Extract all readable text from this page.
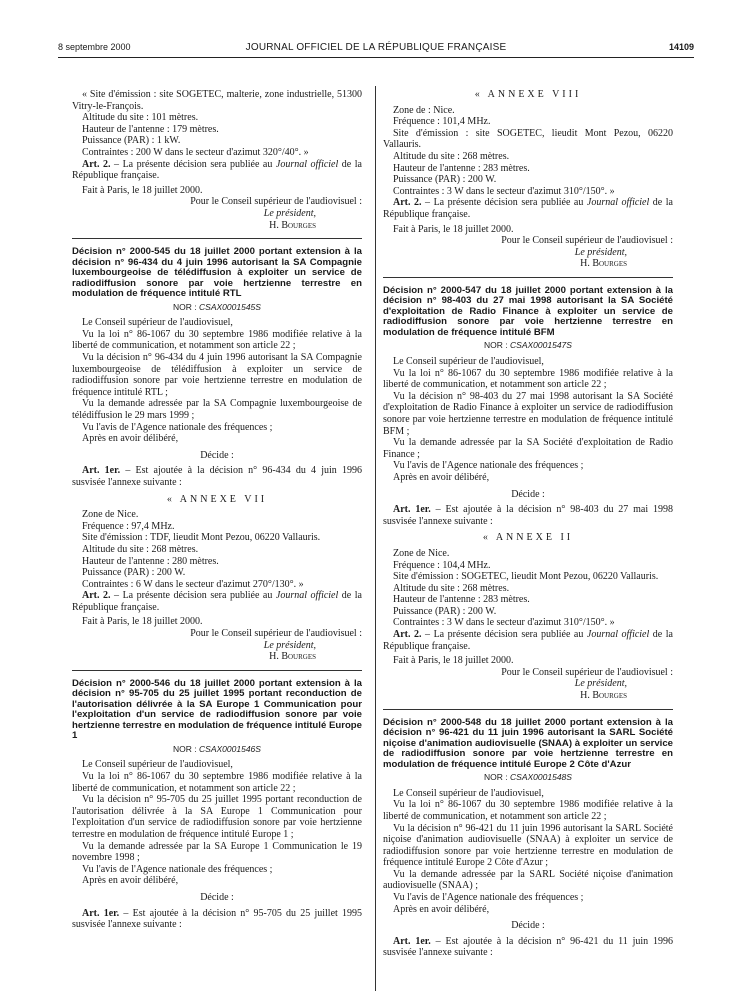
8 septembre 2000	JOURNAL OFFICIEL DE LA RÉPUBLIQUE FRANÇAISE	14109

« Site d'émission : site SOGETEC, malterie, zone industrielle, 51300 Vitry-le-François.

Altitude du site : 101 mètres.

Hauteur de l'antenne : 179 mètres.

Puissance (PAR) : 1 kW.

Contraintes : 200 W dans le secteur d'azimut 320°/40°. »

Art. 2. – La présente décision sera publiée au Journal officiel de la République française.

Fait à Paris, le 18 juillet 2000.

Pour le Conseil supérieur de l'audiovisuel :

Le président,

H. Bourges

Décision n° 2000-545 du 18 juillet 2000 portant extension à la décision n° 96-434 du 4 juin 1996 autorisant la SA Compagnie luxembourgeoise de télédiffusion à exploiter un service de radiodiffusion sonore par voie hertzienne terrestre en modulation de fréquence intitulé RTL

NOR : CSAX0001545S

Le Conseil supérieur de l'audiovisuel,

Vu la loi n° 86-1067 du 30 septembre 1986 modifiée relative à la liberté de communication, et notamment son article 22 ;

Vu la décision n° 96-434 du 4 juin 1996 autorisant la SA Compagnie luxembourgeoise de télédiffusion à exploiter un service de radiodiffusion sonore par voie hertzienne terrestre en modulation de fréquence intitulé RTL ;

Vu la demande adressée par la SA Compagnie luxembourgeoise de télédiffusion le 29 mars 1999 ;

Vu l'avis de l'Agence nationale des fréquences ;

Après en avoir délibéré,

Décide :

Art. 1er. – Est ajoutée à la décision n° 96-434 du 4 juin 1996 susvisée l'annexe suivante :

« ANNEXE VII

Zone de Nice.

Fréquence : 97,4 MHz.

Site d'émission : TDF, lieudit Mont Pezou, 06220 Vallauris.

Altitude du site : 268 mètres.

Hauteur de l'antenne : 280 mètres.

Puissance (PAR) : 200 W.

Contraintes : 6 W dans le secteur d'azimut 270°/130°. »

Art. 2. – La présente décision sera publiée au Journal officiel de la République française.

Fait à Paris, le 18 juillet 2000.

Pour le Conseil supérieur de l'audiovisuel :

Le président,

H. Bourges

Décision n° 2000-546 du 18 juillet 2000 portant extension à la décision n° 95-705 du 25 juillet 1995 portant reconduction de l'autorisation délivrée à la SA Europe 1 Communication pour l'exploitation d'un service de radiodiffusion sonore par voie hertzienne terrestre en modulation de fréquence intitulé Europe 1

NOR : CSAX0001546S

Le Conseil supérieur de l'audiovisuel,

Vu la loi n° 86-1067 du 30 septembre 1986 modifiée relative à la liberté de communication, et notamment son article 22 ;

Vu la décision n° 95-705 du 25 juillet 1995 portant reconduction de l'autorisation délivrée à la SA Europe 1 Communication pour l'exploitation d'un service de radiodiffusion sonore par voie hertzienne terrestre en modulation de fréquence intitulé Europe 1 ;

Vu la demande adressée par la SA Europe 1 Communication le 19 novembre 1998 ;

Vu l'avis de l'Agence nationale des fréquences ;

Après en avoir délibéré,

Décide :

Art. 1er. – Est ajoutée à la décision n° 95-705 du 25 juillet 1995 susvisée l'annexe suivante :

« ANNEXE VIII

Zone de : Nice.

Fréquence : 101,4 MHz.

Site d'émission : site SOGETEC, lieudit Mont Pezou, 06220 Vallauris.

Altitude du site : 268 mètres.

Hauteur de l'antenne : 283 mètres.

Puissance (PAR) : 200 W.

Contraintes : 3 W dans le secteur d'azimut 310°/150°. »

Art. 2. – La présente décision sera publiée au Journal officiel de la République française.

Fait à Paris, le 18 juillet 2000.

Pour le Conseil supérieur de l'audiovisuel :

Le président,

H. Bourges

Décision n° 2000-547 du 18 juillet 2000 portant extension à la décision n° 98-403 du 27 mai 1998 autorisant la SA Société d'exploitation de Radio Finance à exploiter un service de radiodiffusion sonore par voie hertzienne terrestre en modulation de fréquence intitulé BFM

NOR : CSAX0001547S

Le Conseil supérieur de l'audiovisuel,

Vu la loi n° 86-1067 du 30 septembre 1986 modifiée relative à la liberté de communication, et notamment son article 22 ;

Vu la décision n° 98-403 du 27 mai 1998 autorisant la SA Société d'exploitation de Radio Finance à exploiter un service de radiodiffusion sonore par voie hertzienne terrestre en modulation de fréquence intitulé BFM ;

Vu la demande adressée par la SA Société d'exploitation de Radio Finance ;

Vu l'avis de l'Agence nationale des fréquences ;

Après en avoir délibéré,

Décide :

Art. 1er. – Est ajoutée à la décision n° 98-403 du 27 mai 1998 susvisée l'annexe suivante :

« ANNEXE II

Zone de Nice.

Fréquence : 104,4 MHz.

Site d'émission : SOGETEC, lieudit Mont Pezou, 06220 Vallauris.

Altitude du site : 268 mètres.

Hauteur de l'antenne : 283 mètres.

Puissance (PAR) : 200 W.

Contraintes : 3 W dans le secteur d'azimut 310°/150°. »

Art. 2. – La présente décision sera publiée au Journal officiel de la République française.

Fait à Paris, le 18 juillet 2000.

Pour le Conseil supérieur de l'audiovisuel :

Le président,

H. Bourges

Décision n° 2000-548 du 18 juillet 2000 portant extension à la décision n° 96-421 du 11 juin 1996 autorisant la SARL Société niçoise d'animation audiovisuelle (SNAA) à exploiter un service de radiodiffusion sonore par voie hertzienne terrestre en modulation de fréquence intitulé Europe 2 Côte d'Azur

NOR : CSAX0001548S

Le Conseil supérieur de l'audiovisuel,

Vu la loi n° 86-1067 du 30 septembre 1986 modifiée relative à la liberté de communication, et notamment son article 22 ;

Vu la décision n° 96-421 du 11 juin 1996 autorisant la SARL Société niçoise d'animation audiovisuelle (SNAA) à exploiter un service de radiodiffusion sonore par voie hertzienne terrestre en modulation de fréquence intitulé Europe 2 Côte d'Azur ;

Vu la demande adressée par la SARL Société niçoise d'animation audiovisuelle (SNAA) ;

Vu l'avis de l'Agence nationale des fréquences ;

Après en avoir délibéré,

Décide :

Art. 1er. – Est ajoutée à la décision n° 96-421 du 11 juin 1996 susvisée l'annexe suivante :
